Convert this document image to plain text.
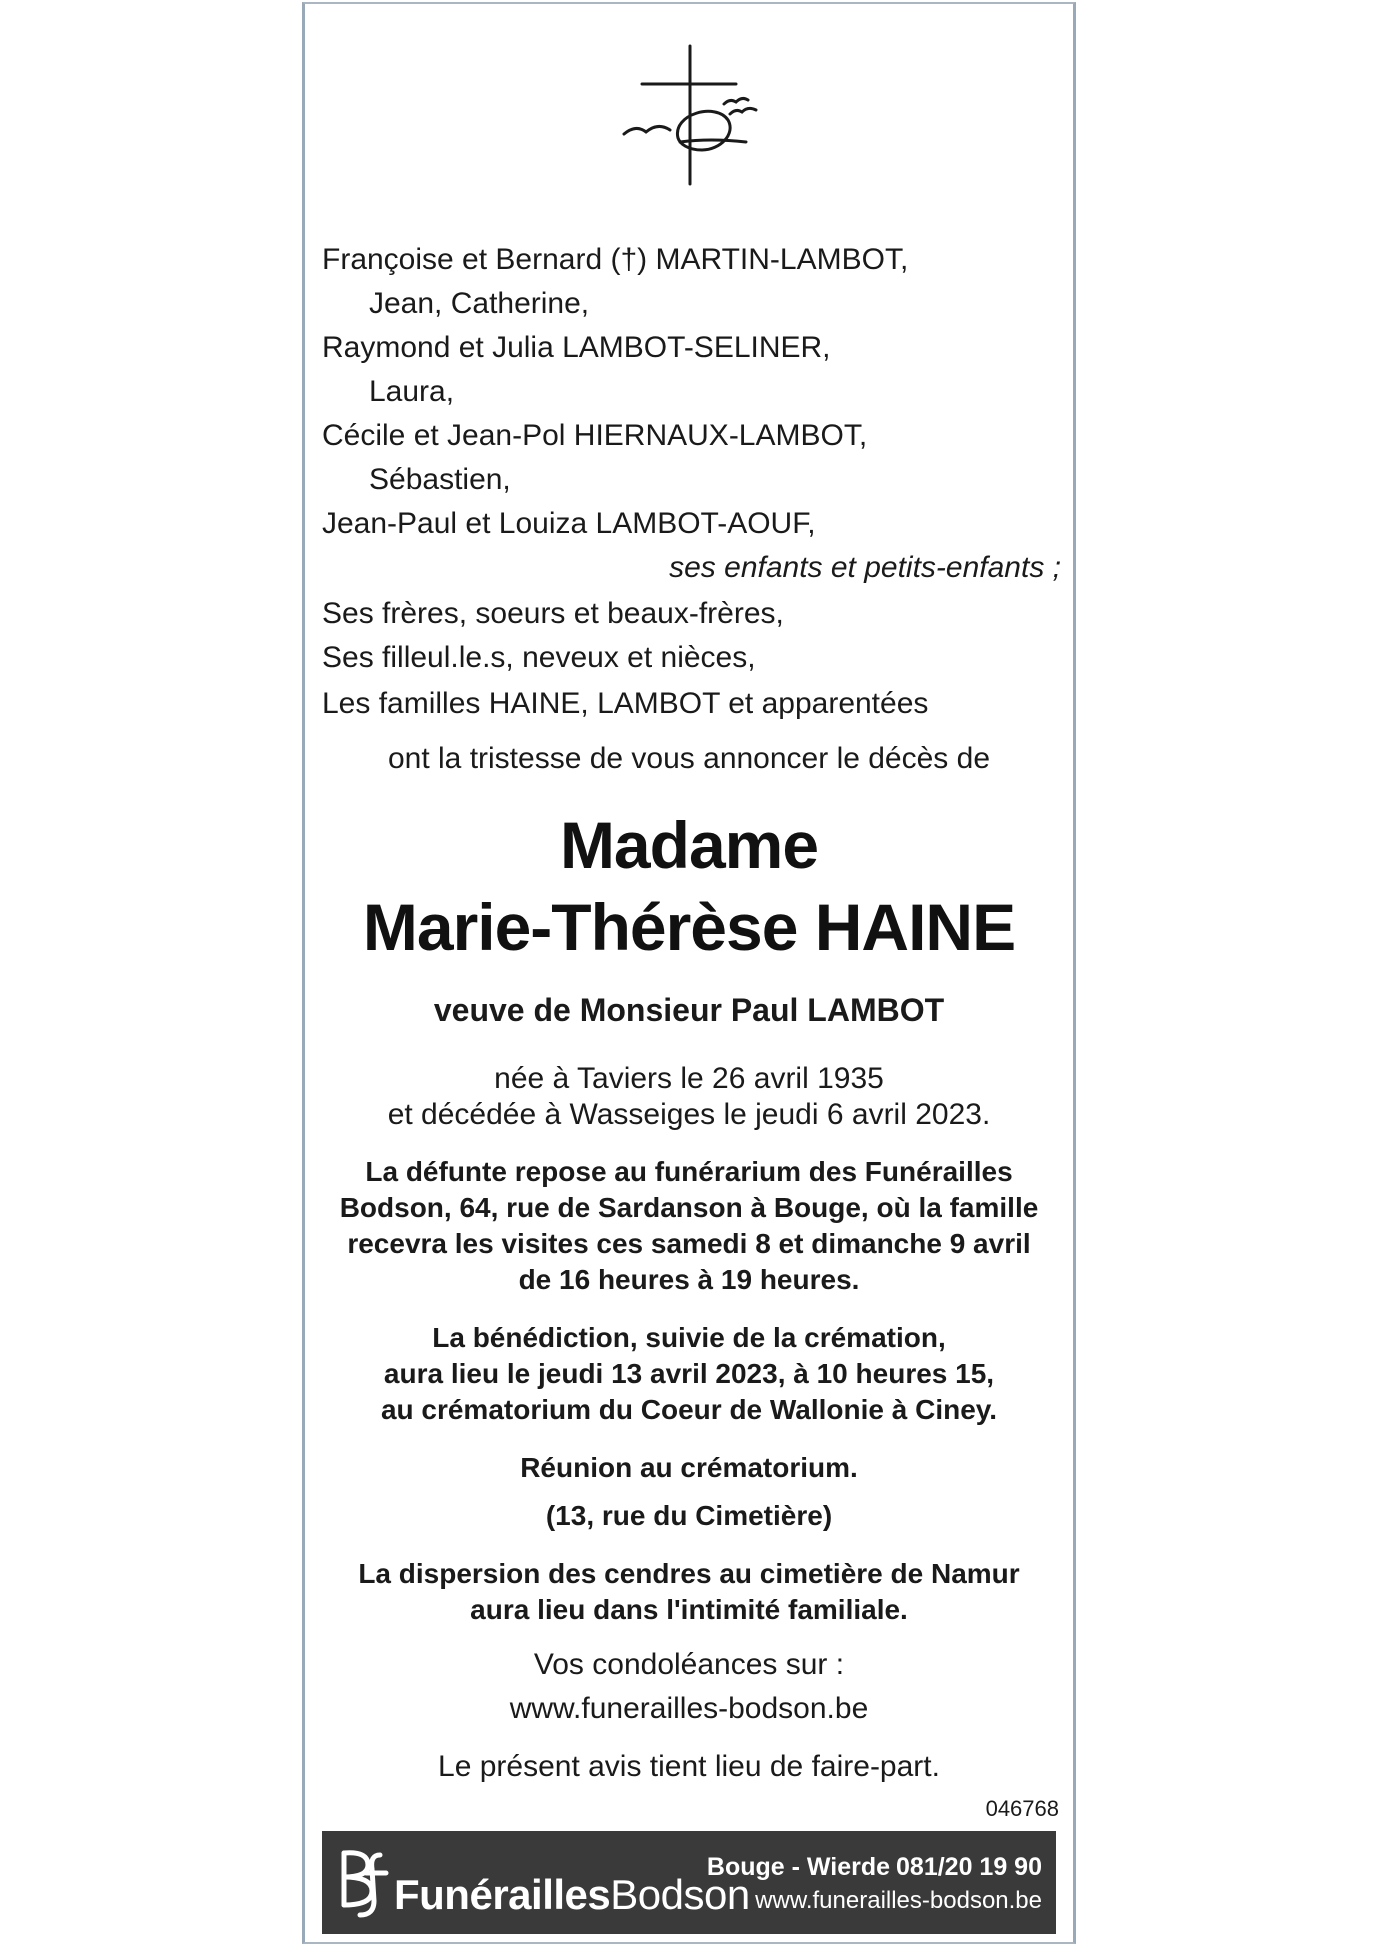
Françoise et Bernard (†) MARTIN-LAMBOT,
Jean, Catherine,
Raymond et Julia LAMBOT-SELINER,
Laura,
Cécile et Jean-Pol HIERNAUX-LAMBOT,
Sébastien,
Jean-Paul et Louiza LAMBOT-AOUF,
ses enfants et petits-enfants ;
Ses frères, soeurs et beaux-frères,
Ses filleul.le.s, neveux et nièces,
Les familles HAINE, LAMBOT et apparentées
ont la tristesse de vous annoncer le décès de
Madame
Marie-Thérèse HAINE
veuve de Monsieur Paul LAMBOT
née à Taviers le 26 avril 1935
et décédée à Wasseiges le jeudi 6 avril 2023.
La défunte repose au funérarium des Funérailles
Bodson, 64, rue de Sardanson à Bouge, où la famille
recevra les visites ces samedi 8 et dimanche 9 avril
de 16 heures à 19 heures.
La bénédiction, suivie de la crémation,
aura lieu le jeudi 13 avril 2023, à 10 heures 15,
au crématorium du Coeur de Wallonie à Ciney.
Réunion au crématorium.
(13, rue du Cimetière)
La dispersion des cendres au cimetière de Namur
aura lieu dans l'intimité familiale.
Vos condoléances sur :
www.funerailles-bodson.be
Le présent avis tient lieu de faire-part.
046768
FunéraillesBodson
Bouge - Wierde 081/20 19 90
www.funerailles-bodson.be
